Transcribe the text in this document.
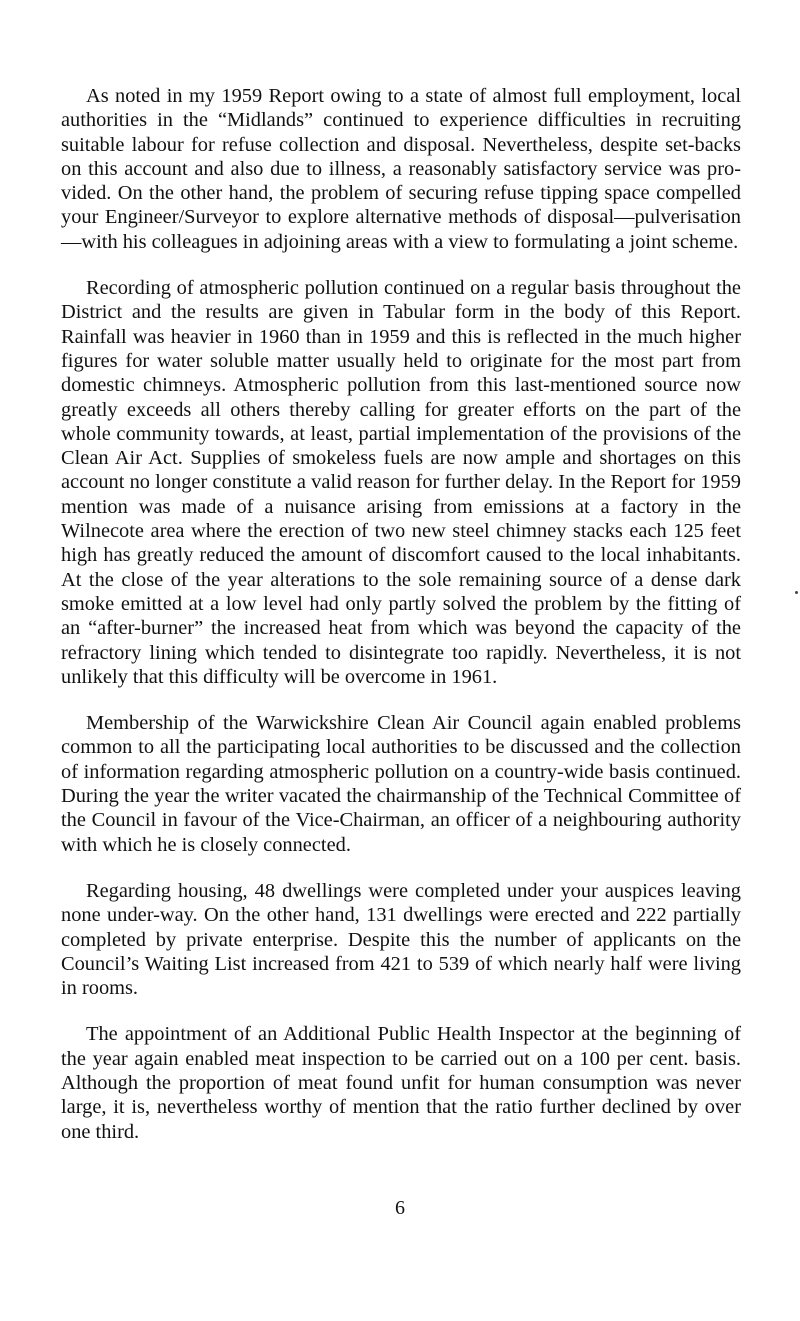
As noted in my 1959 Report owing to a state of almost full employment, local authorities in the “Midlands” continued to experience difficulties in recruiting suitable labour for refuse collection and disposal. Nevertheless, despite set-backs on this account and also due to illness, a reasonably satisfactory service was provided. On the other hand, the problem of securing refuse tipping space compelled your Engineer/Surveyor to explore alternative methods of disposal—pulverisation—with his colleagues in adjoining areas with a view to formulating a joint scheme.

Recording of atmospheric pollution continued on a regular basis throughout the District and the results are given in Tabular form in the body of this Report. Rainfall was heavier in 1960 than in 1959 and this is reflected in the much higher figures for water soluble matter usually held to originate for the most part from domestic chimneys. Atmospheric pollution from this last-mentioned source now greatly exceeds all others thereby calling for greater efforts on the part of the whole community towards, at least, partial implementation of the provisions of the Clean Air Act. Supplies of smokeless fuels are now ample and shortages on this account no longer constitute a valid reason for further delay. In the Report for 1959 mention was made of a nuisance arising from emissions at a factory in the Wilnecote area where the erection of two new steel chimney stacks each 125 feet high has greatly reduced the amount of discomfort caused to the local inhabitants. At the close of the year alterations to the sole remaining source of a dense dark smoke emitted at a low level had only partly solved the problem by the fitting of an “after-burner” the increased heat from which was beyond the capacity of the refractory lining which tended to disintegrate too rapidly. Nevertheless, it is not unlikely that this difficulty will be overcome in 1961.

Membership of the Warwickshire Clean Air Council again enabled problems common to all the participating local authorities to be discussed and the collection of information regarding atmospheric pollution on a country-wide basis continued. During the year the writer vacated the chairmanship of the Technical Committee of the Council in favour of the Vice-Chairman, an officer of a neighbouring authority with which he is closely connected.

Regarding housing, 48 dwellings were completed under your auspices leaving none under-way. On the other hand, 131 dwellings were erected and 222 partially completed by private enterprise. Despite this the number of applicants on the Council’s Waiting List increased from 421 to 539 of which nearly half were living in rooms.

The appointment of an Additional Public Health Inspector at the beginning of the year again enabled meat inspection to be carried out on a 100 per cent. basis. Although the proportion of meat found unfit for human consumption was never large, it is, nevertheless worthy of mention that the ratio further declined by over one third.

6
